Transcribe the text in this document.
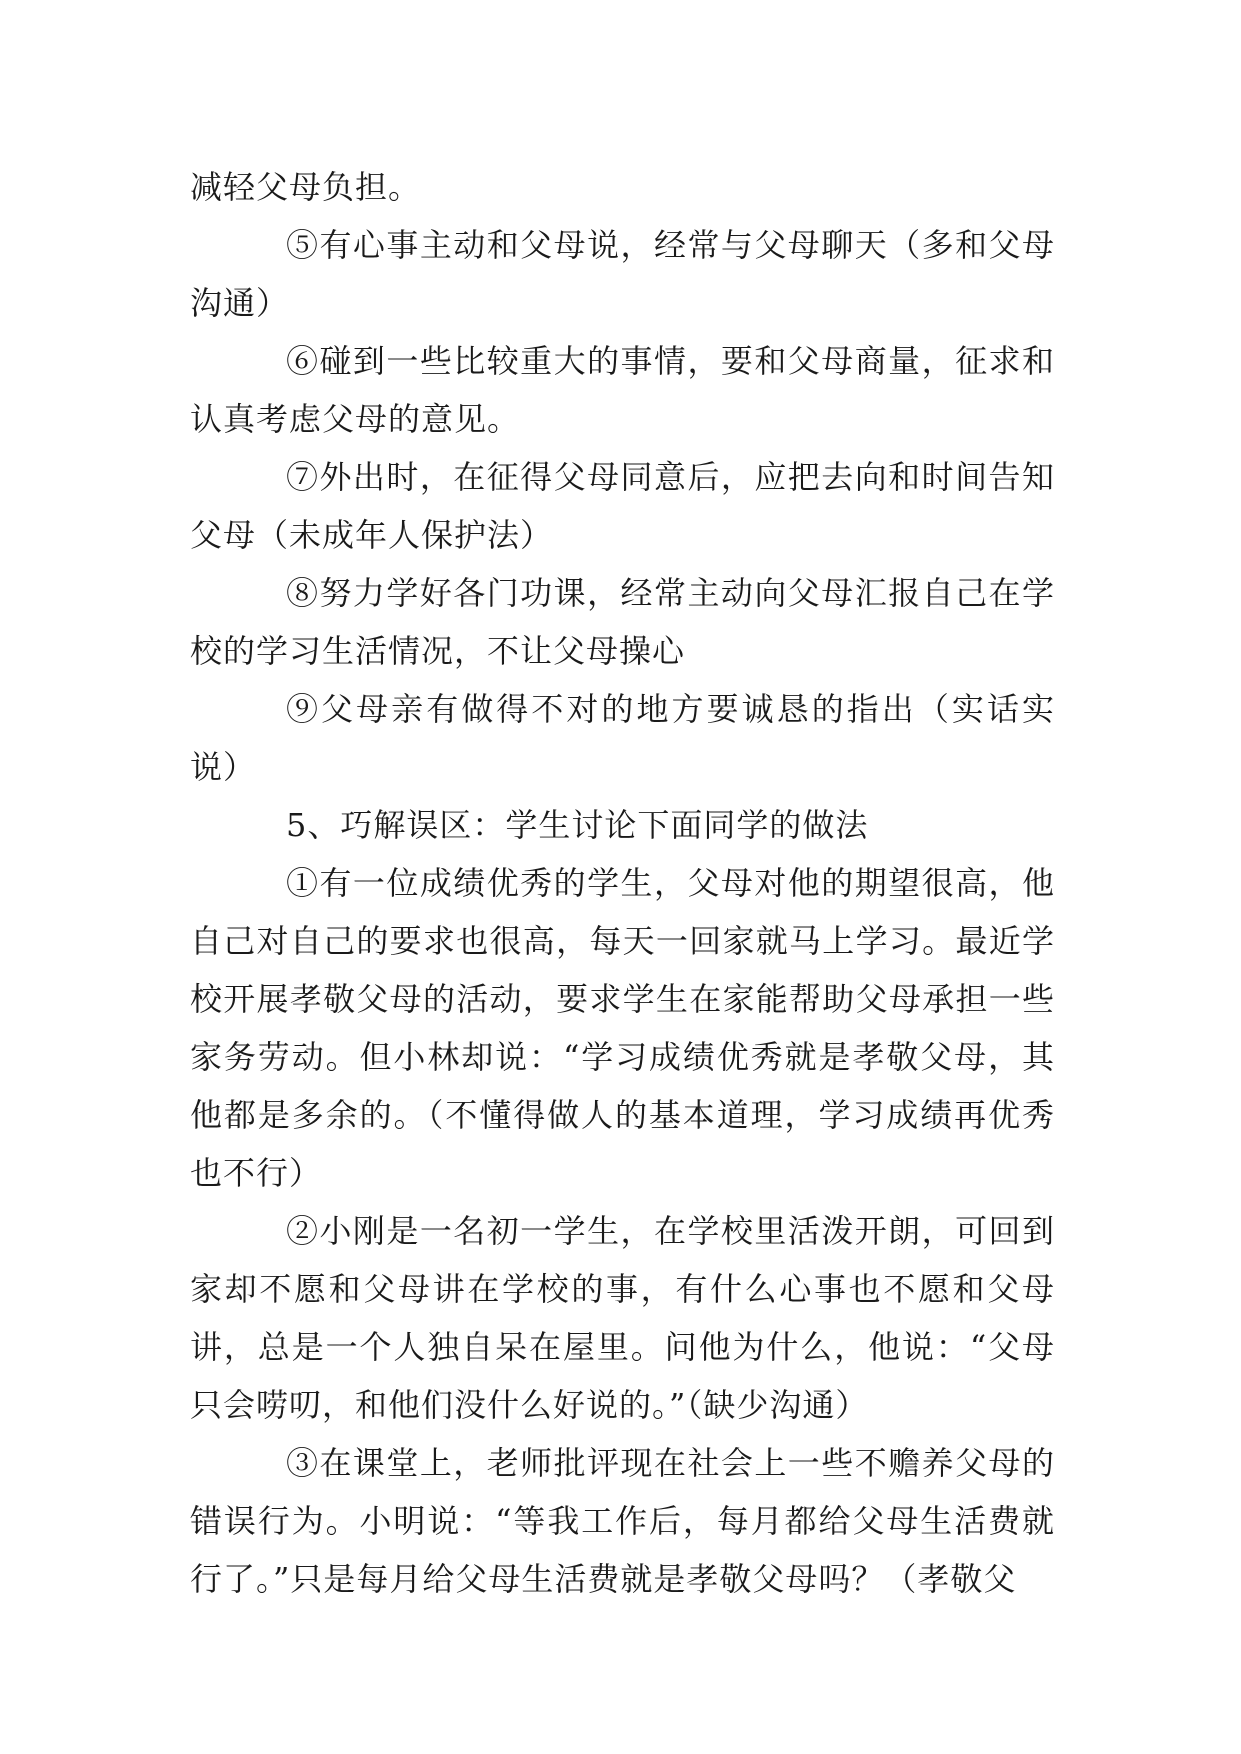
减轻父母负担。

⑤有心事主动和父母说，经常与父母聊天（多和父母沟通）

⑥碰到一些比较重大的事情，要和父母商量，征求和认真考虑父母的意见。

⑦外出时，在征得父母同意后，应把去向和时间告知父母（未成年人保护法）

⑧努力学好各门功课，经常主动向父母汇报自己在学校的学习生活情况，不让父母操心

⑨父母亲有做得不对的地方要诚恳的指出（实话实说）

5、巧解误区：学生讨论下面同学的做法

①有一位成绩优秀的学生，父母对他的期望很高，他自己对自己的要求也很高，每天一回家就马上学习。最近学校开展孝敬父母的活动，要求学生在家能帮助父母承担一些家务劳动。但小林却说：“学习成绩优秀就是孝敬父母，其他都是多余的。（不懂得做人的基本道理，学习成绩再优秀也不行）

②小刚是一名初一学生，在学校里活泼开朗，可回到家却不愿和父母讲在学校的事，有什么心事也不愿和父母讲，总是一个人独自呆在屋里。问他为什么，他说：“父母只会唠叨，和他们没什么好说的。”（缺少沟通）

③在课堂上，老师批评现在社会上一些不赡养父母的错误行为。小明说：“等我工作后，每月都给父母生活费就行了。”只是每月给父母生活费就是孝敬父母吗？（孝敬父
